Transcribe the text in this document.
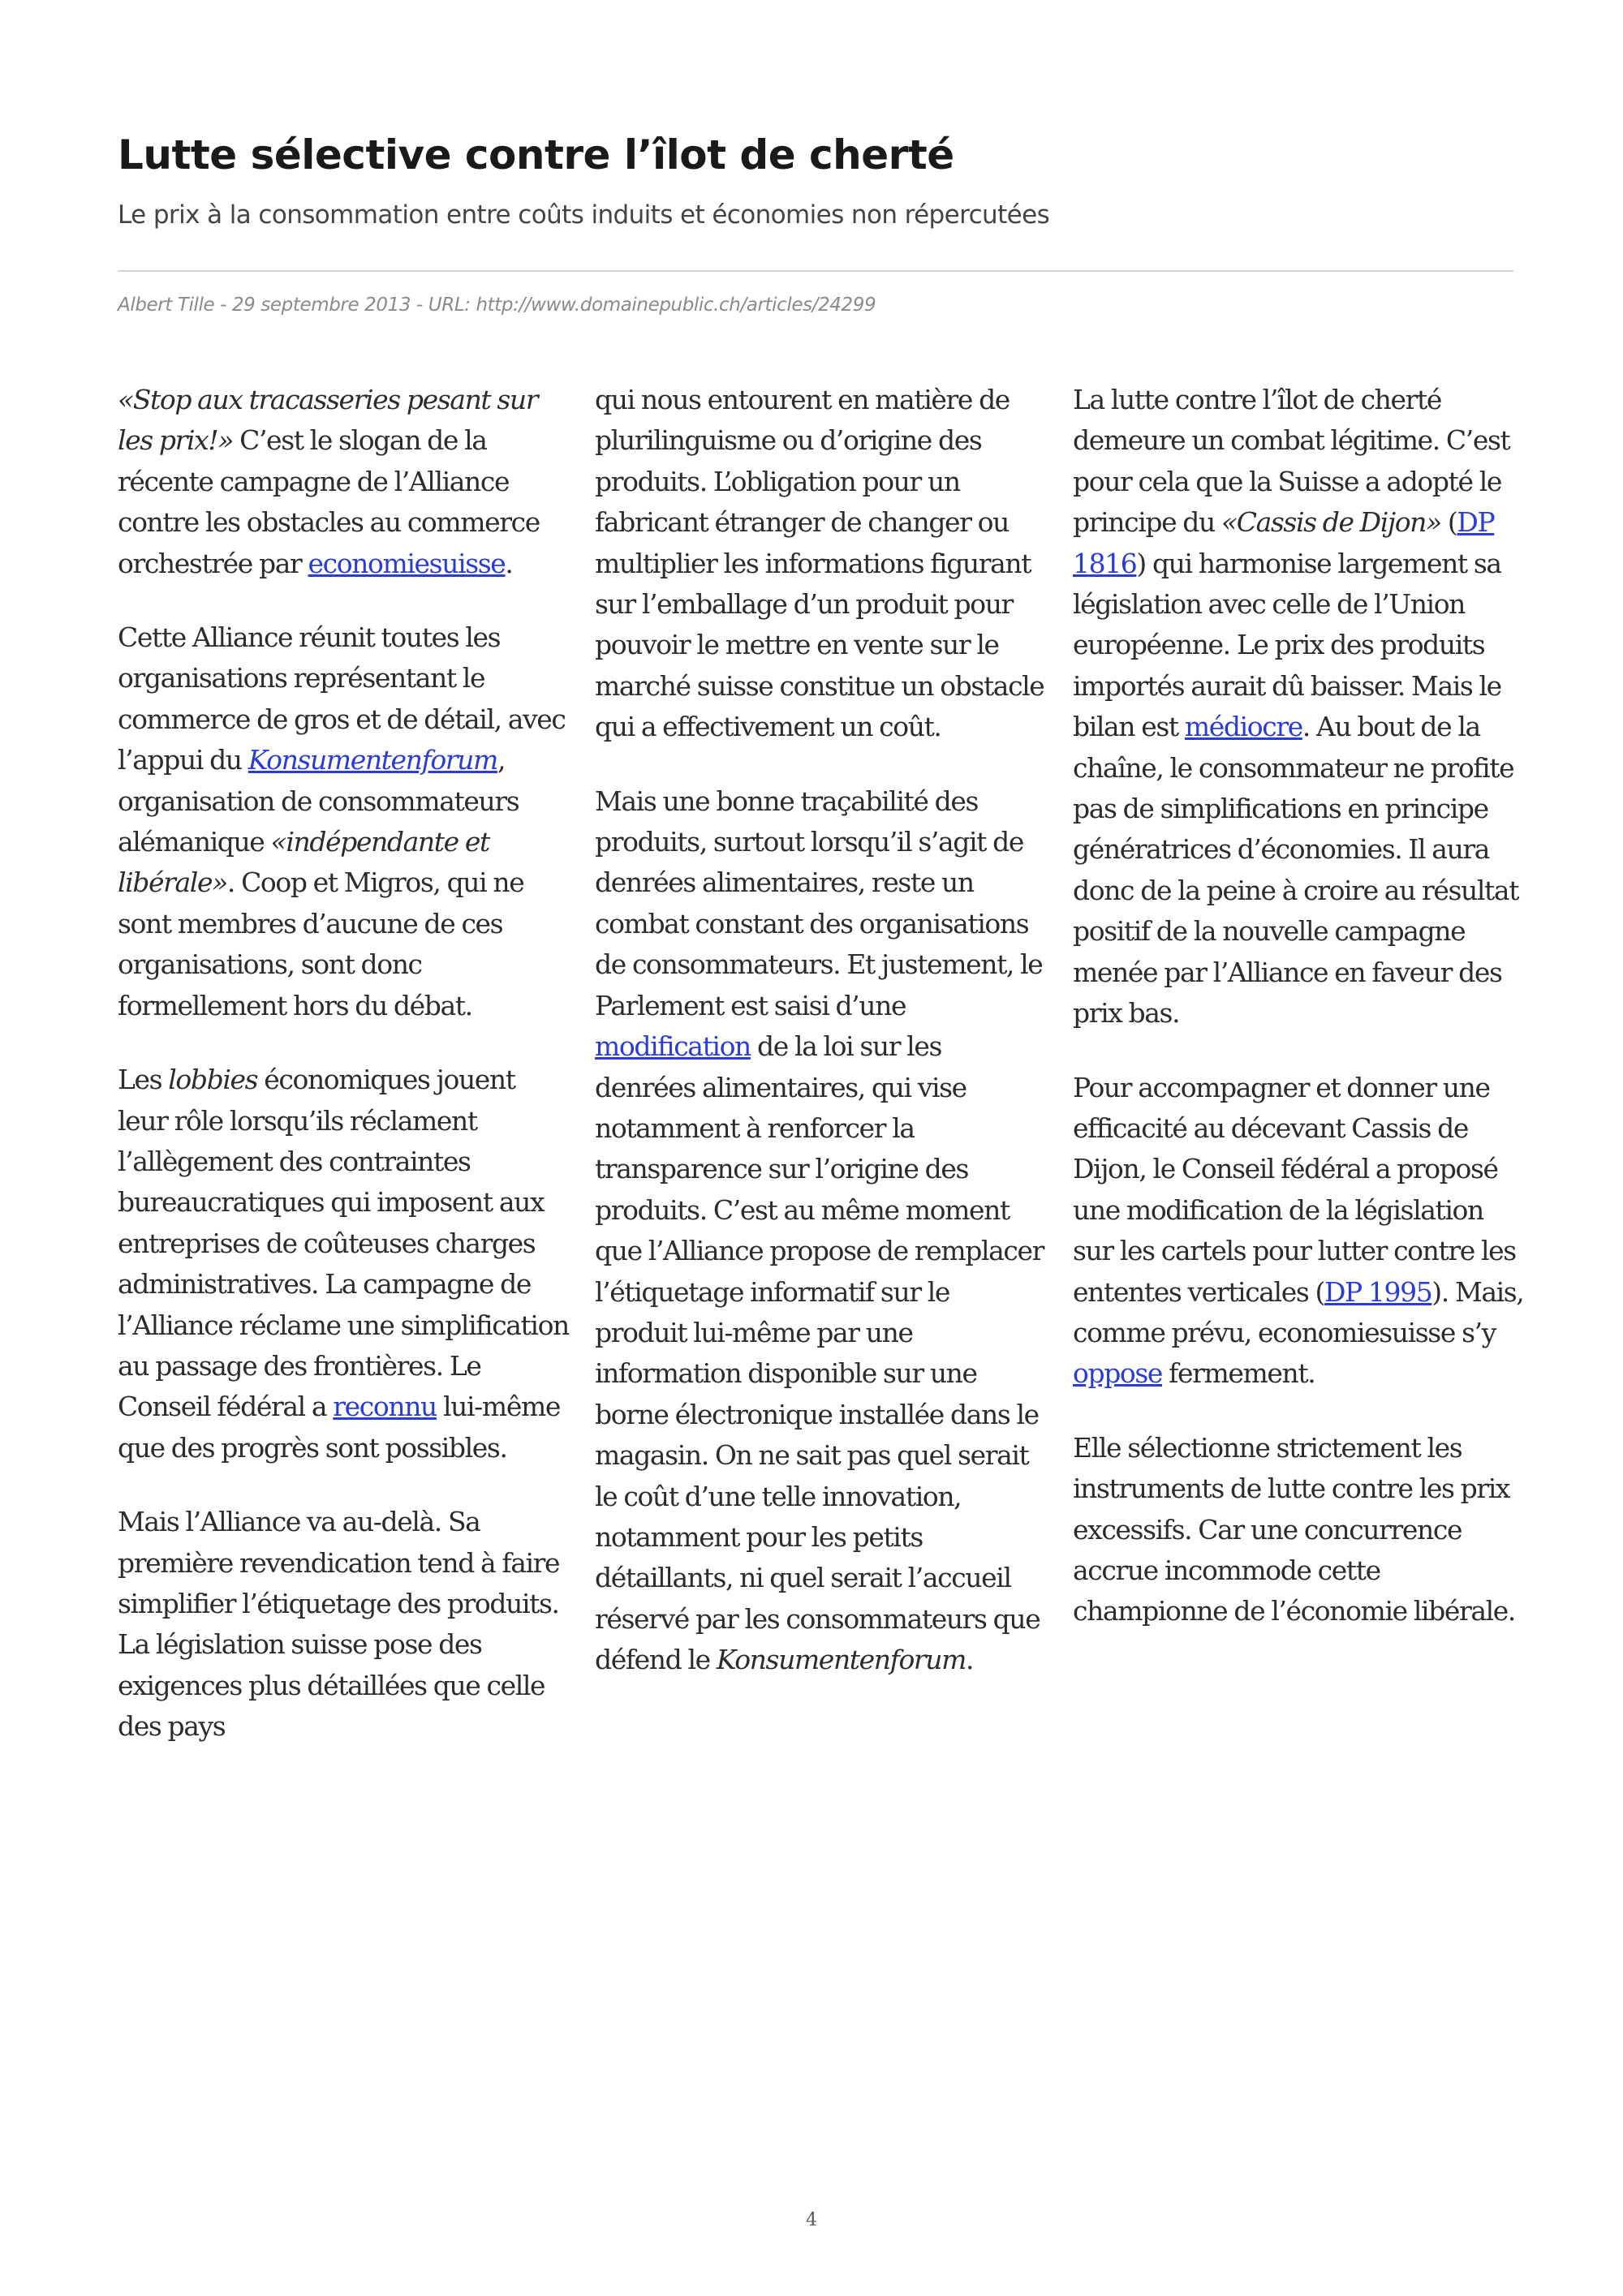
Lutte sélective contre l’îlot de cherté

Le prix à la consommation entre coûts induits et économies non répercutées

Albert Tille - 29 septembre 2013 - URL: http://www.domainepublic.ch/articles/24299

«Stop aux tracasseries pesant sur les prix!» C’est le slogan de la récente campagne de l’Alliance contre les obstacles au commerce orchestrée par economiesuisse.

Cette Alliance réunit toutes les organisations représentant le commerce de gros et de détail, avec l’appui du Konsumentenforum, organisation de consommateurs alémanique «indépendante et libérale». Coop et Migros, qui ne sont membres d’aucune de ces organisations, sont donc formellement hors du débat.

Les lobbies économiques jouent leur rôle lorsqu’ils réclament l’allègement des contraintes bureaucratiques qui imposent aux entreprises de coûteuses charges administratives. La campagne de l’Alliance réclame une simplification au passage des frontières. Le Conseil fédéral a reconnu lui-même que des progrès sont possibles.

Mais l’Alliance va au-delà. Sa première revendication tend à faire simplifier l’étiquetage des produits. La législation suisse pose des exigences plus détaillées que celle des pays

qui nous entourent en matière de plurilinguisme ou d’origine des produits. L’obligation pour un fabricant étranger de changer ou multiplier les informations figurant sur l’emballage d’un produit pour pouvoir le mettre en vente sur le marché suisse constitue un obstacle qui a effectivement un coût.

Mais une bonne traçabilité des produits, surtout lorsqu’il s’agit de denrées alimentaires, reste un combat constant des organisations de consommateurs. Et justement, le Parlement est saisi d’une modification de la loi sur les denrées alimentaires, qui vise notamment à renforcer la transparence sur l’origine des produits. C’est au même moment que l’Alliance propose de remplacer l’étiquetage informatif sur le produit lui-même par une information disponible sur une borne électronique installée dans le magasin. On ne sait pas quel serait le coût d’une telle innovation, notamment pour les petits détaillants, ni quel serait l’accueil réservé par les consommateurs que défend le Konsumentenforum.

La lutte contre l’îlot de cherté demeure un combat légitime. C’est pour cela que la Suisse a adopté le principe du «Cassis de Dijon» (DP 1816) qui harmonise largement sa législation avec celle de l’Union européenne. Le prix des produits importés aurait dû baisser. Mais le bilan est médiocre. Au bout de la chaîne, le consommateur ne profite pas de simplifications en principe génératrices d’économies. Il aura donc de la peine à croire au résultat positif de la nouvelle campagne menée par l’Alliance en faveur des prix bas.

Pour accompagner et donner une efficacité au décevant Cassis de Dijon, le Conseil fédéral a proposé une modification de la législation sur les cartels pour lutter contre les ententes verticales (DP 1995). Mais, comme prévu, economiesuisse s’y oppose fermement.

Elle sélectionne strictement les instruments de lutte contre les prix excessifs. Car une concurrence accrue incommode cette championne de l’économie libérale.

4
